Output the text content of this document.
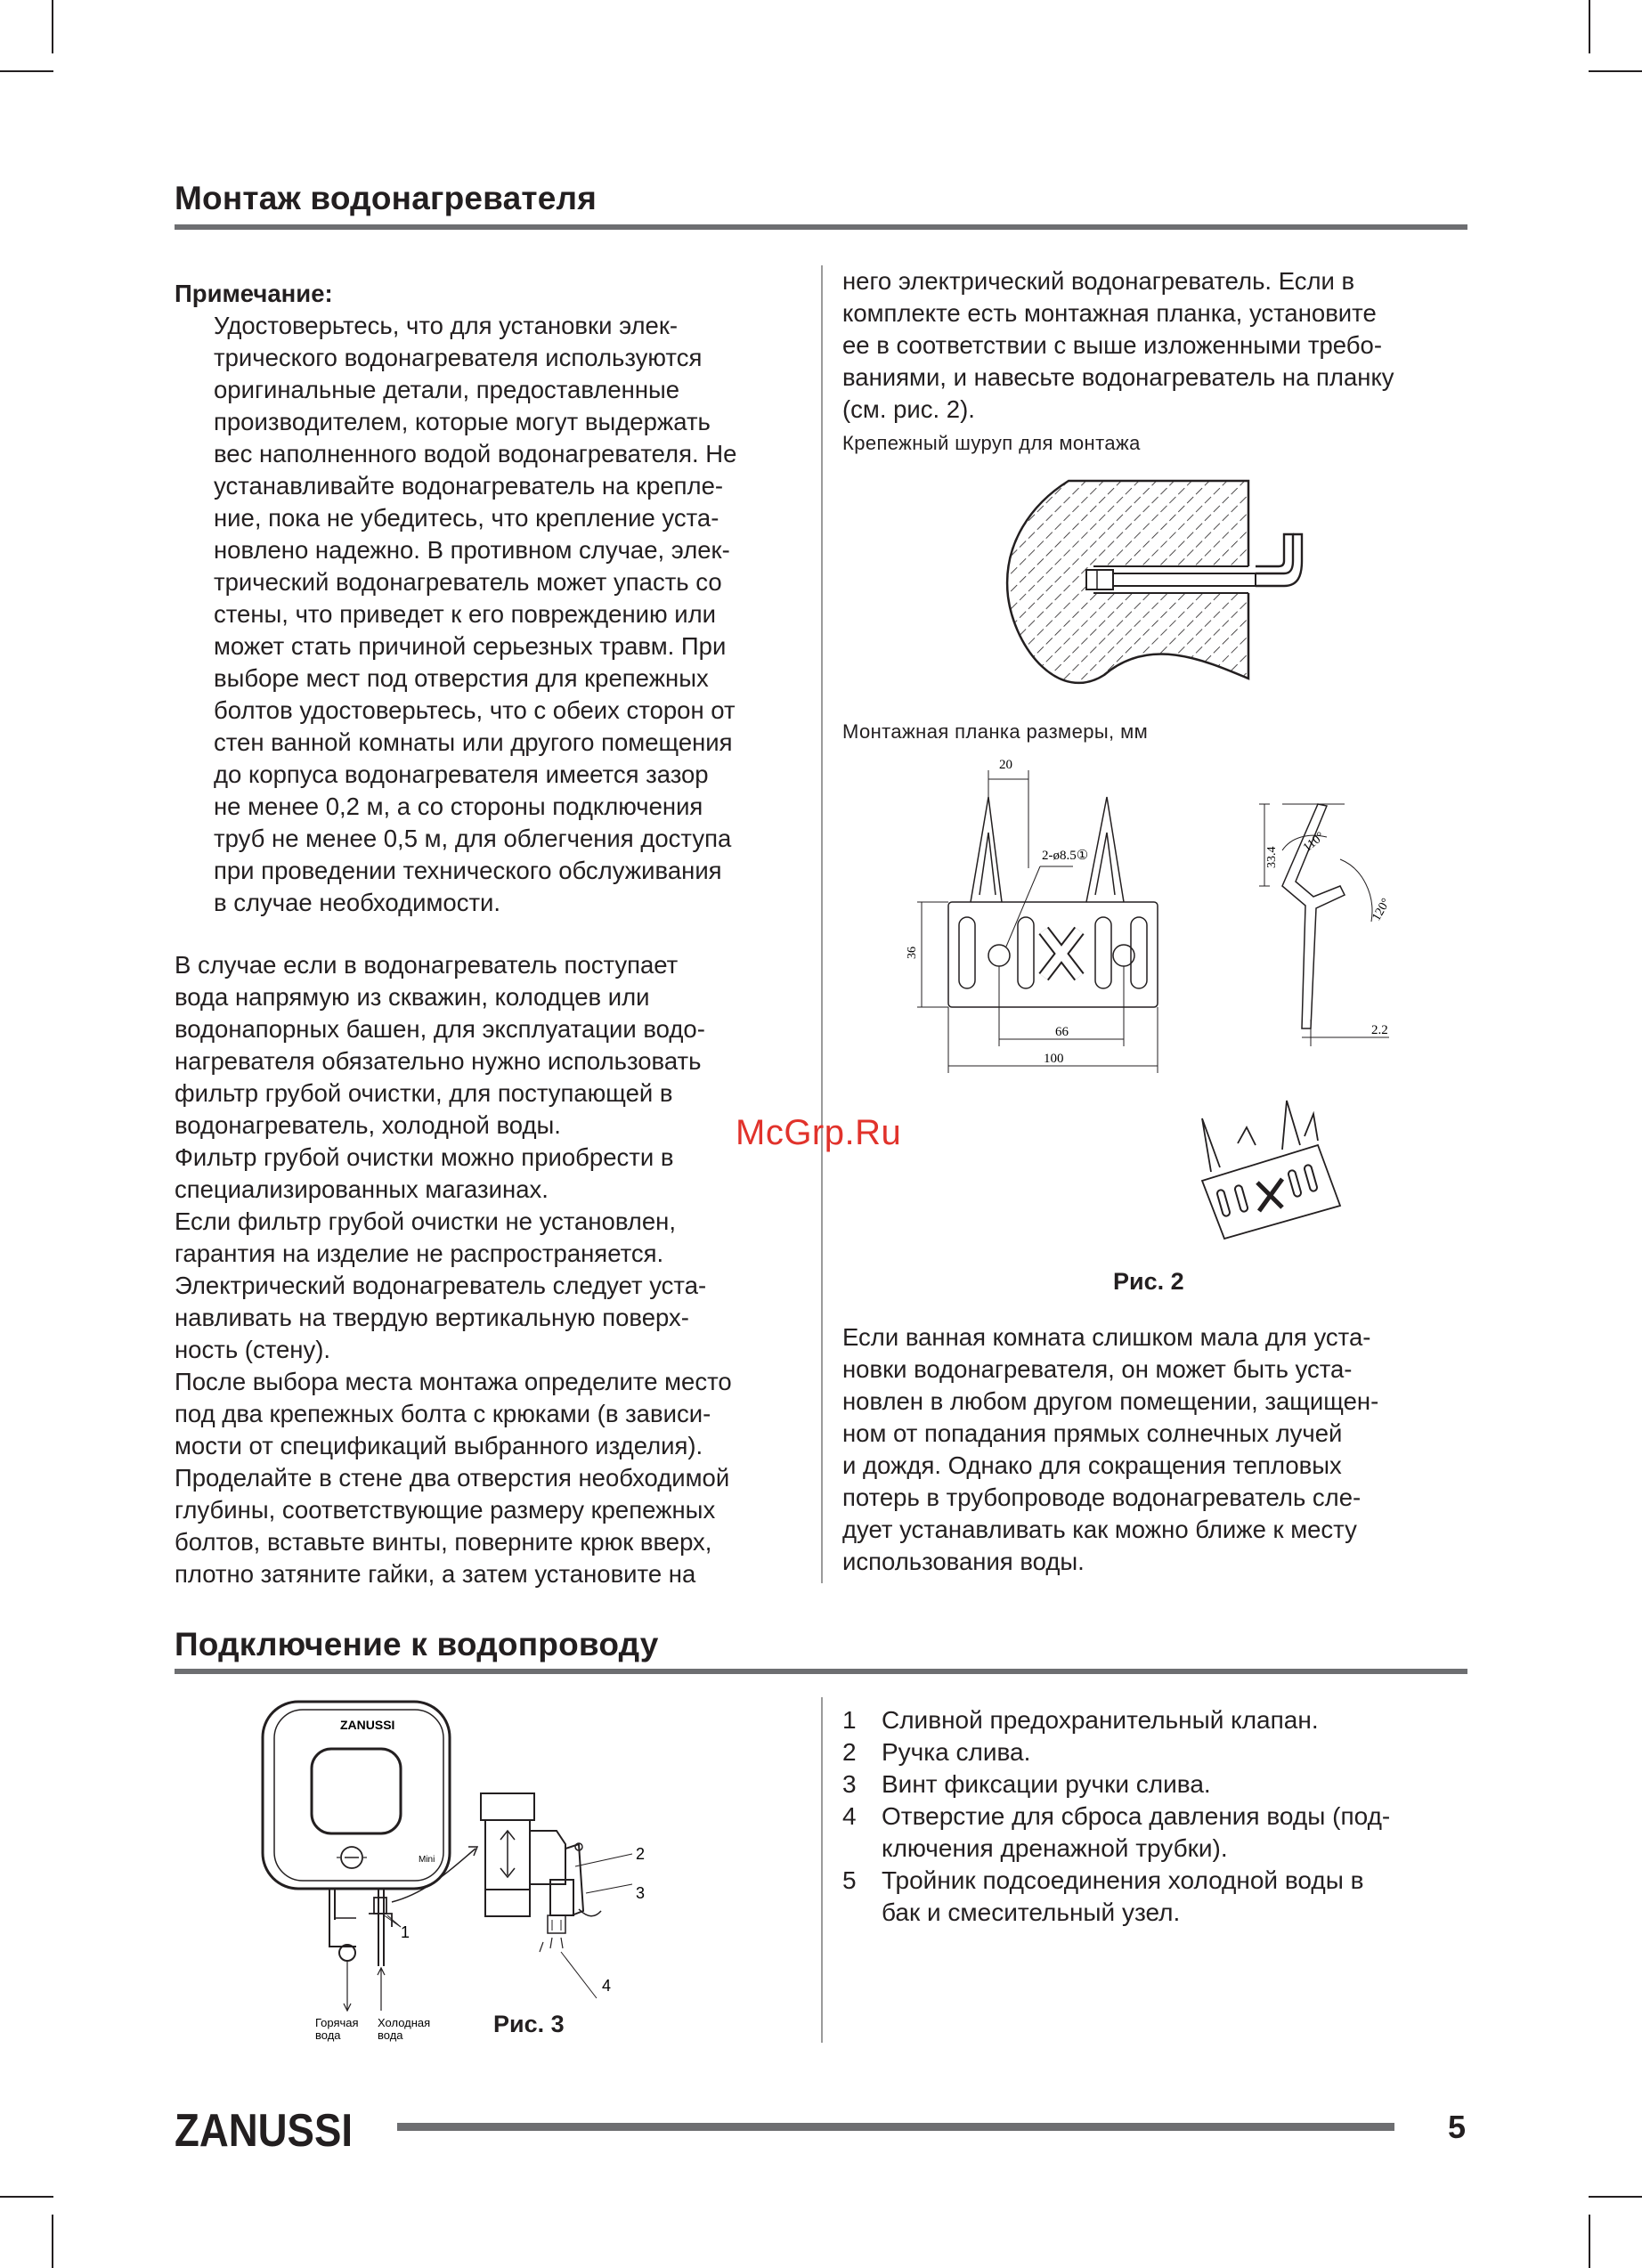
Монтаж водонагревателя
Примечание:
Удостоверьтесь, что для установки элек-
трического водонагревателя используются
оригинальные детали, предоставленные
производителем, которые могут выдержать
вес наполненного водой водонагревателя. Не
устанавливайте водонагреватель на крепле-
ние, пока не убедитесь, что крепление уста-
новлено надежно. В противном случае, элек-
трический водонагреватель может упасть со
стены, что приведет к его повреждению или
может стать причиной серьезных травм. При
выборе мест под отверстия для крепежных
болтов удостоверьтесь, что с обеих сторон от
стен ванной комнаты или другого помещения
до корпуса водонагревателя имеется зазор
не менее 0,2 м, а со стороны подключения
труб не менее 0,5 м, для облегчения доступа
при проведении технического обслуживания
в случае необходимости.
В случае если в водонагреватель поступает
вода напрямую из скважин, колодцев или
водонапорных башен, для эксплуатации водо-
нагревателя обязательно нужно использовать
фильтр грубой очистки, для поступающей в
водонагреватель, холодной воды.
Фильтр грубой очистки можно приобрести в
специализированных магазинах.
Если фильтр грубой очистки не установлен,
гарантия на изделие не распространяется.
Электрический водонагреватель следует уста-
навливать на твердую вертикальную поверх-
ность (стену).
После выбора места монтажа определите место
под два крепежных болта с крюками (в зависи-
мости от спецификаций выбранного изделия).
Проделайте в стене два отверстия необходимой
глубины, соответствующие размеру крепежных
болтов, вставьте винты, поверните крюк вверх,
плотно затяните гайки, а затем установите на
него электрический водонагреватель. Если в
комплекте есть монтажная планка, установите
ее в соответствии с выше изложенными требо-
ваниями, и навесьте водонагреватель на планку
(см. рис. 2).
Крепежный шуруп для монтажа
Монтажная планка размеры, мм
20
2-ø8.5①
36
66
100
33.4
110°
120°
2.2
Рис. 2
Если ванная комната слишком мала для уста-
новки водонагревателя, он может быть уста-
новлен в любом другом помещении, защищен-
ном от попадания прямых солнечных лучей
и дождя. Однако для сокращения тепловых
потерь в трубопроводе водонагреватель сле-
дует устанавливать как можно ближе к месту
использования воды.
McGrp.Ru
Подключение к водопроводу
ZANUSSI
Mini
1
2
3
4
Горячая
вода
Холодная
вода	Рис. 3
1	Сливной предохранительный клапан.
2	Ручка слива.
3	Винт фиксации ручки слива.
4	Отверстие для сброса давления воды (под-
ключения дренажной трубки).
5	Тройник подсоединения холодной воды в
бак и смесительный узел.
ZANUSSI	5
